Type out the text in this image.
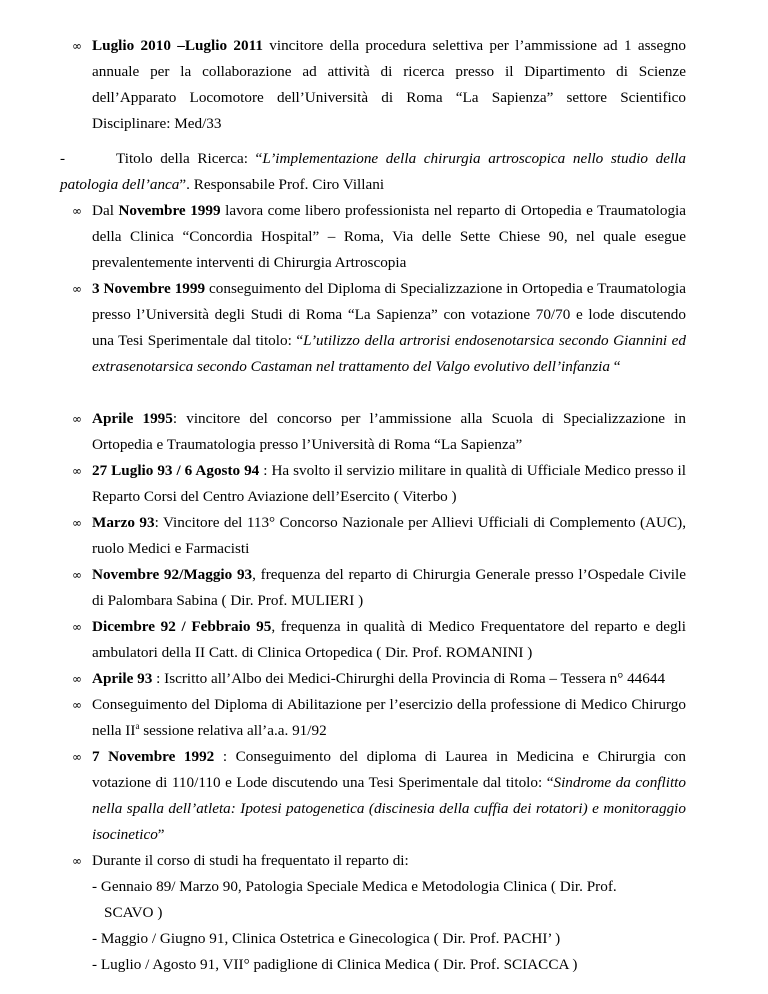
∞ Luglio 2010 –Luglio 2011 vincitore della procedura selettiva per l’ammissione ad 1 assegno annuale per la collaborazione ad attività di ricerca presso il Dipartimento di Scienze dell’Apparato Locomotore dell’Università di Roma “La Sapienza” settore Scientifico Disciplinare: Med/33
-	Titolo della Ricerca: “L’implementazione della chirurgia artroscopica nello studio della patologia dell’anca”. Responsabile Prof. Ciro Villani
∞ Dal Novembre 1999 lavora come libero professionista nel reparto di Ortopedia e Traumatologia della Clinica “Concordia Hospital” – Roma, Via delle Sette Chiese 90, nel quale esegue prevalentemente interventi di Chirurgia Artroscopia
∞ 3 Novembre 1999 conseguimento del Diploma di Specializzazione in Ortopedia e Traumatologia presso l’Università degli Studi di Roma “La Sapienza” con votazione 70/70 e lode discutendo una Tesi Sperimentale dal titolo: “L’utilizzo della artrorisi endosenotarsica secondo Giannini ed extrasenotarsica secondo Castaman nel trattamento del Valgo evolutivo dell’infanzia “
∞ Aprile 1995: vincitore del concorso per l’ammissione alla Scuola di Specializzazione in Ortopedia e Traumatologia presso l’Università di Roma “La Sapienza”
∞ 27 Luglio 93 / 6 Agosto 94 : Ha svolto il servizio militare in qualità di Ufficiale Medico presso il Reparto Corsi del Centro Aviazione dell’Esercito ( Viterbo )
∞ Marzo 93: Vincitore del 113° Concorso Nazionale per Allievi Ufficiali di Complemento (AUC), ruolo Medici e Farmacisti
∞ Novembre 92/Maggio 93, frequenza del reparto di Chirurgia Generale presso l’Ospedale Civile di Palombara Sabina ( Dir. Prof. MULIERI )
∞ Dicembre 92 / Febbraio 95, frequenza in qualità di Medico Frequentatore del reparto e degli ambulatori della II Catt. di Clinica Ortopedica ( Dir. Prof. ROMANINI )
∞ Aprile 93 : Iscritto all’Albo dei Medici-Chirurghi della Provincia di Roma – Tessera n° 44644
∞ Conseguimento del Diploma di Abilitazione per l’esercizio della professione di Medico Chirurgo nella $II^a$ sessione relativa all’a.a. 91/92
∞ 7 Novembre 1992 : Conseguimento del diploma di Laurea in Medicina e Chirurgia con votazione di 110/110 e Lode discutendo una Tesi Sperimentale dal titolo: “Sindrome da conflitto nella spalla dell’atleta: Ipotesi patogenetica (discinesia della cuffia dei rotatori) e monitoraggio isocinetico”
∞ Durante il corso di studi ha frequentato il reparto di:
- Gennaio 89/ Marzo 90, Patologia Speciale Medica e Metodologia Clinica ( Dir. Prof.
SCAVO )
- Maggio / Giugno 91, Clinica Ostetrica e Ginecologica ( Dir. Prof. PACHI’ )
- Luglio / Agosto 91, VII° padiglione di Clinica Medica ( Dir. Prof. SCIACCA )
